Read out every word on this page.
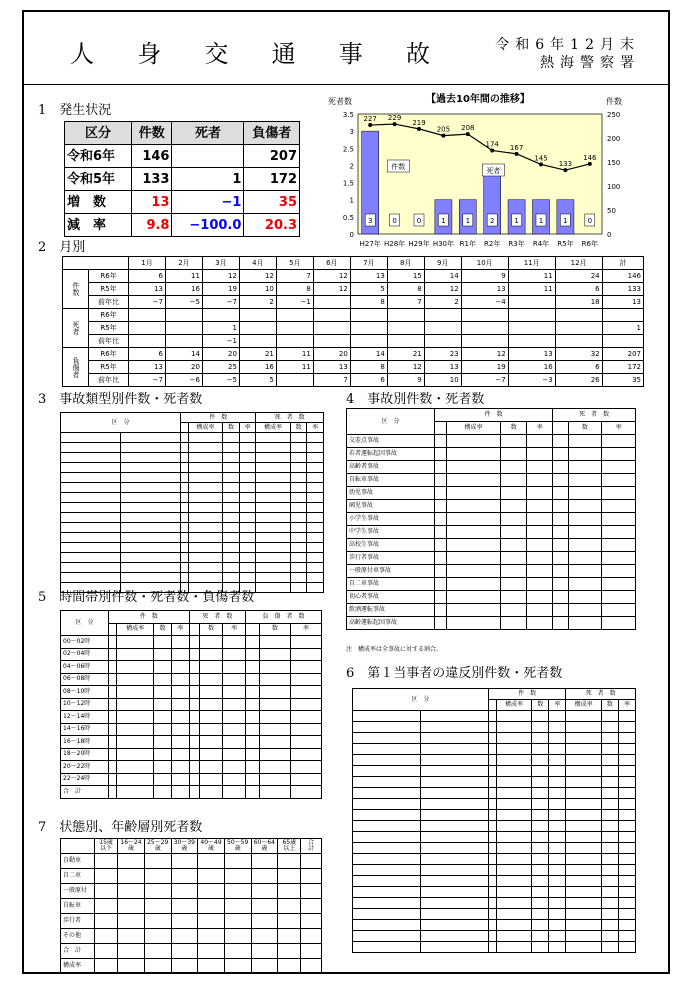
人 身 交 通 事 故	令和6年12月末
熱海警察署
1　発生状況
区分	件数	死者	負傷者
令和6年	146		207
令和5年	133	1	172
増　数	13	−1	35
減　率	9.8	−100.0	20.3
【過去10年間の推移】
死者数	件数
0
0.5
1
1.5
2
2.5
3
3.5
0
50
100
150
200
250
3
H27年
0
H28年
0
H29年
1
H30年
1
R1年
2
R2年
1
R3年
1
R4年
1
R5年
0
R6年
227 229
219
205 208
174 167
145
133
146
件数	死者
2　月別
		1月	2月	3月	4月	5月	6月	7月	8月	9月	10月	11月	12月	計
件数	R6年	6	11	12	12	7	12	13	15	14	9	11	24	146
	R5年	13	16	19	10	8	12	5	8	12	13	11	6	133
	前年比	−7	−5	−7	2	−1		8	7	2	−4		18	13
死者	R6年													
	R5年			1										1
	前年比			−1										
負傷者	R6年	6	14	20	21	11	20	14	21	23	12	13	32	207
	R5年	13	20	25	16	11	13	8	12	13	19	16	6	172
	前年比	−7	−6	−5	5		7	6	9	10	−7	−3	26	35
3　事故類型別件数・死者数
区　分		件　数				死　者　数		
			構成率	数	率	構成率	数	率

4　事故別件数・死者数
区　分	件　数				死　者　数		
		構成率	数	率		数	率
交差点事故							
若者運転起因事故							
高齢者事故							
自転車事故							
幼児事故							
園児事故							
小学生事故							
中学生事故							
高校生事故							
歩行者事故							
一般原付車事故							
自二車事故							
初心者事故							
飲酒運転事故							
高齢運転起因事故							
注　構成率は全事故に対する割合。
5　時間帯別件数・死者数・負傷者数
区　分	件　数				死　者　数			負　傷　者　数		
		構成率	数	率		数	率		数	率
00〜02時										
02〜04時										
04〜06時										
06〜08時										
08〜10時										
10〜12時										
12〜14時										
14〜16時										
16〜18時										
18〜20時										
20〜22時										
22〜24時										
合　計										
6　第１当事者の違反別件数・死者数
区　分		件　数				死　者　数		
			構成率	数	率	構成率	数	率

7　状態別、年齢層別死者数
	15歳以下	16〜24歳	25〜29歳	30〜39歳	40〜49歳	50〜59歳	60〜64歳	65歳以上	合　計
自動車									
自二車									
一般原付									
自転車									
歩行者									
その他									
合　計									
構成率									
